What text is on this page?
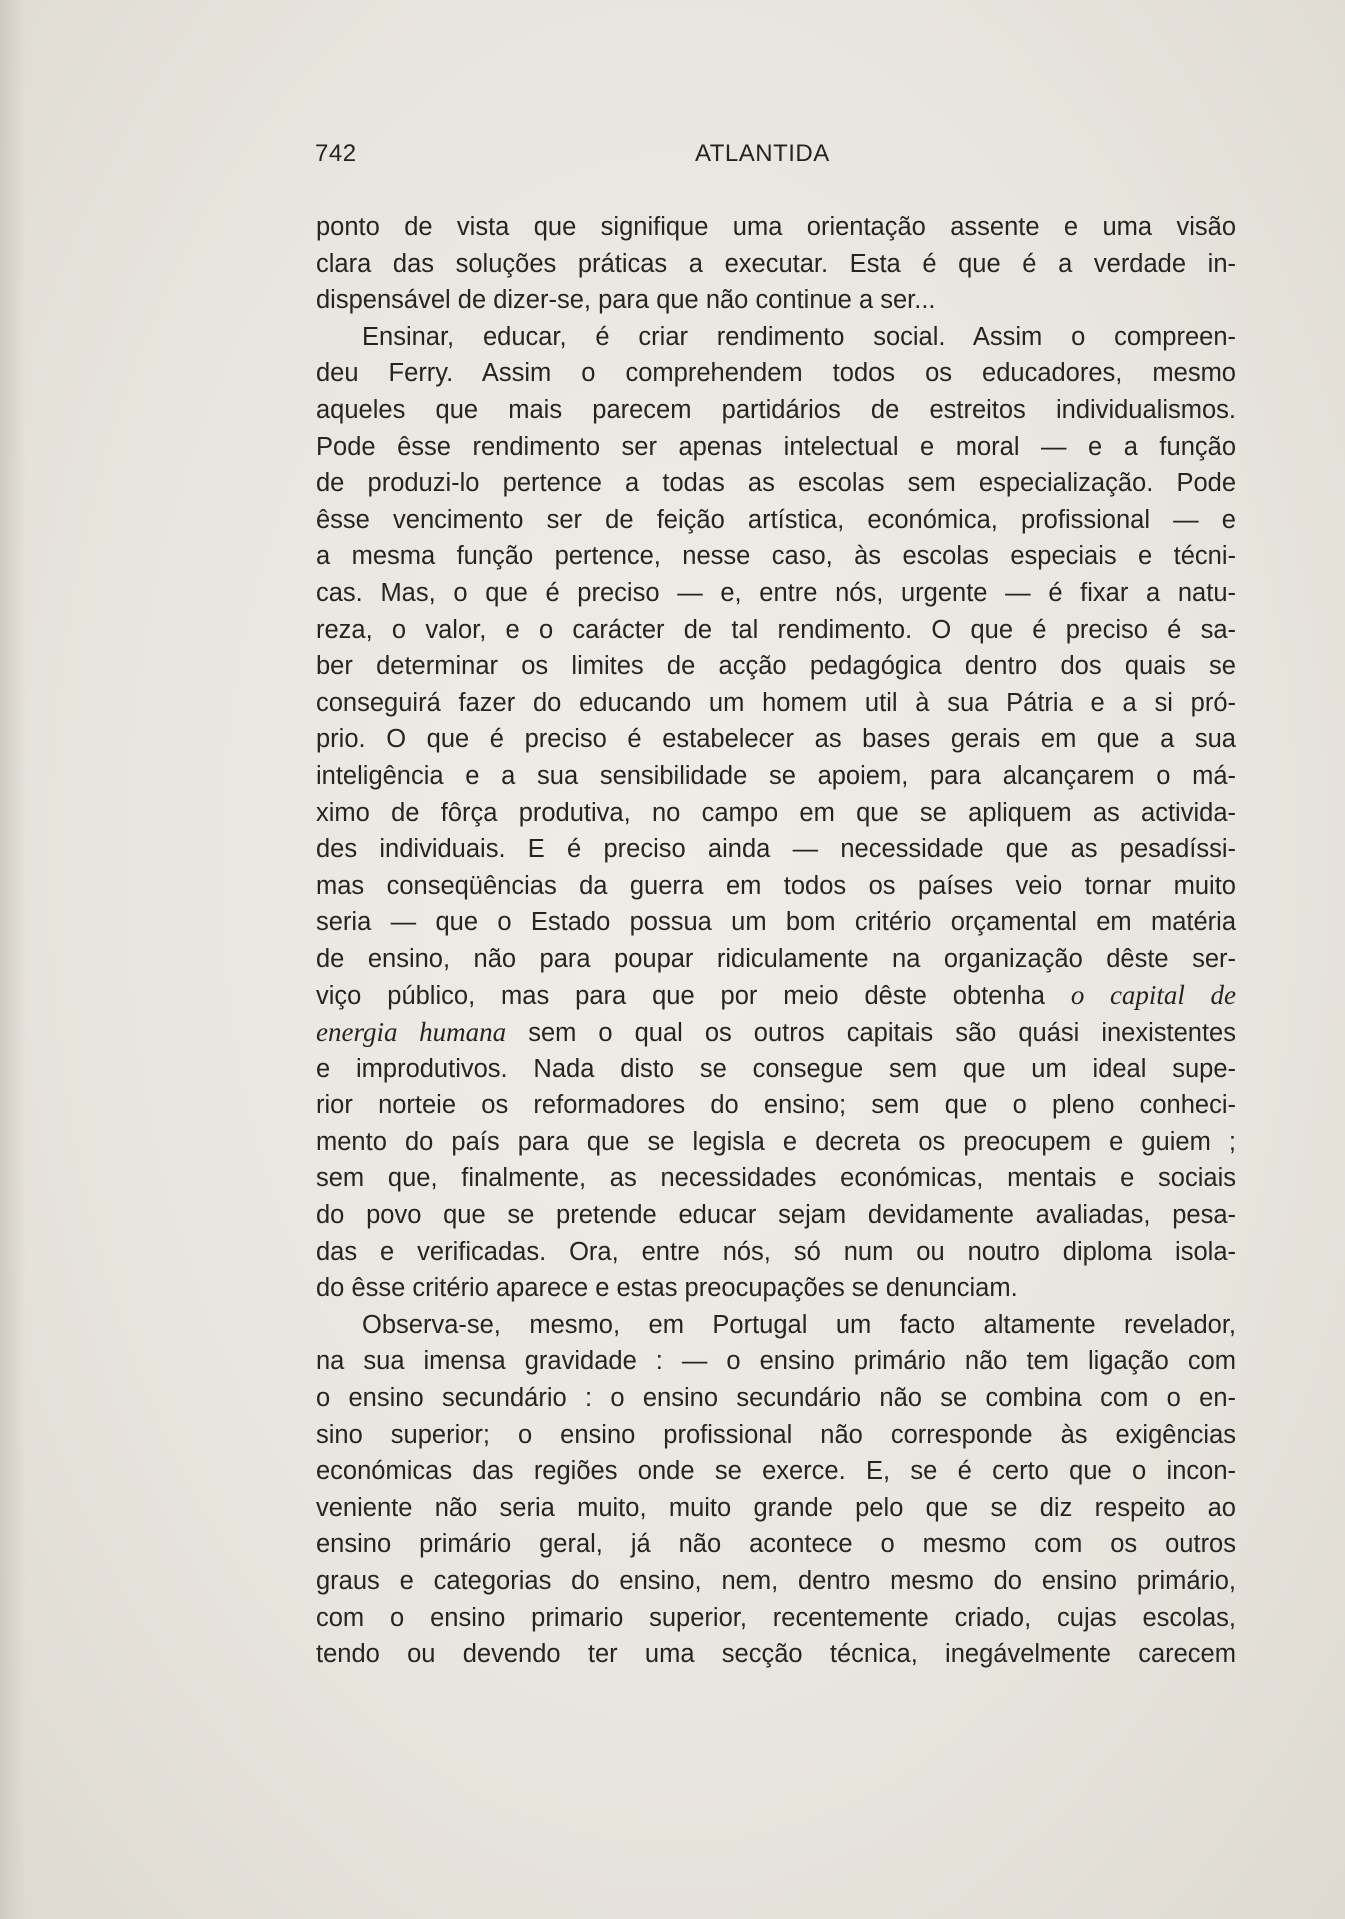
742	ATLANTIDA
ponto de vista que signifique uma orientação assente e uma visão
clara das soluções práticas a executar. Esta é que é a verdade in-
dispensável de dizer-se, para que não continue a ser...
Ensinar, educar, é criar rendimento social. Assim o compreen-
deu Ferry. Assim o comprehendem todos os educadores, mesmo
aqueles que mais parecem partidários de estreitos individualismos.
Pode êsse rendimento ser apenas intelectual e moral — e a função
de produzi-lo pertence a todas as escolas sem especialização. Pode
êsse vencimento ser de feição artística, económica, profissional — e
a mesma função pertence, nesse caso, às escolas especiais e técni-
cas. Mas, o que é preciso — e, entre nós, urgente — é fixar a natu-
reza, o valor, e o carácter de tal rendimento. O que é preciso é sa-
ber determinar os limites de acção pedagógica dentro dos quais se
conseguirá fazer do educando um homem util à sua Pátria e a si pró-
prio. O que é preciso é estabelecer as bases gerais em que a sua
inteligência e a sua sensibilidade se apoiem, para alcançarem o má-
ximo de fôrça produtiva, no campo em que se apliquem as activida-
des individuais. E é preciso ainda — necessidade que as pesadíssi-
mas conseqüências da guerra em todos os países veio tornar muito
seria — que o Estado possua um bom critério orçamental em matéria
de ensino, não para poupar ridiculamente na organização dêste ser-
viço público, mas para que por meio dêste obtenha o capital de
energia humana sem o qual os outros capitais são quási inexistentes
e improdutivos. Nada disto se consegue sem que um ideal supe-
rior norteie os reformadores do ensino; sem que o pleno conheci-
mento do país para que se legisla e decreta os preocupem e guiem ;
sem que, finalmente, as necessidades económicas, mentais e sociais
do povo que se pretende educar sejam devidamente avaliadas, pesa-
das e verificadas. Ora, entre nós, só num ou noutro diploma isola-
do êsse critério aparece e estas preocupações se denunciam.
Observa-se, mesmo, em Portugal um facto altamente revelador,
na sua imensa gravidade : — o ensino primário não tem ligação com
o ensino secundário : o ensino secundário não se combina com o en-
sino superior; o ensino profissional não corresponde às exigências
económicas das regiões onde se exerce. E, se é certo que o incon-
veniente não seria muito, muito grande pelo que se diz respeito ao
ensino primário geral, já não acontece o mesmo com os outros
graus e categorias do ensino, nem, dentro mesmo do ensino primário,
com o ensino primario superior, recentemente criado, cujas escolas,
tendo ou devendo ter uma secção técnica, inegávelmente carecem
